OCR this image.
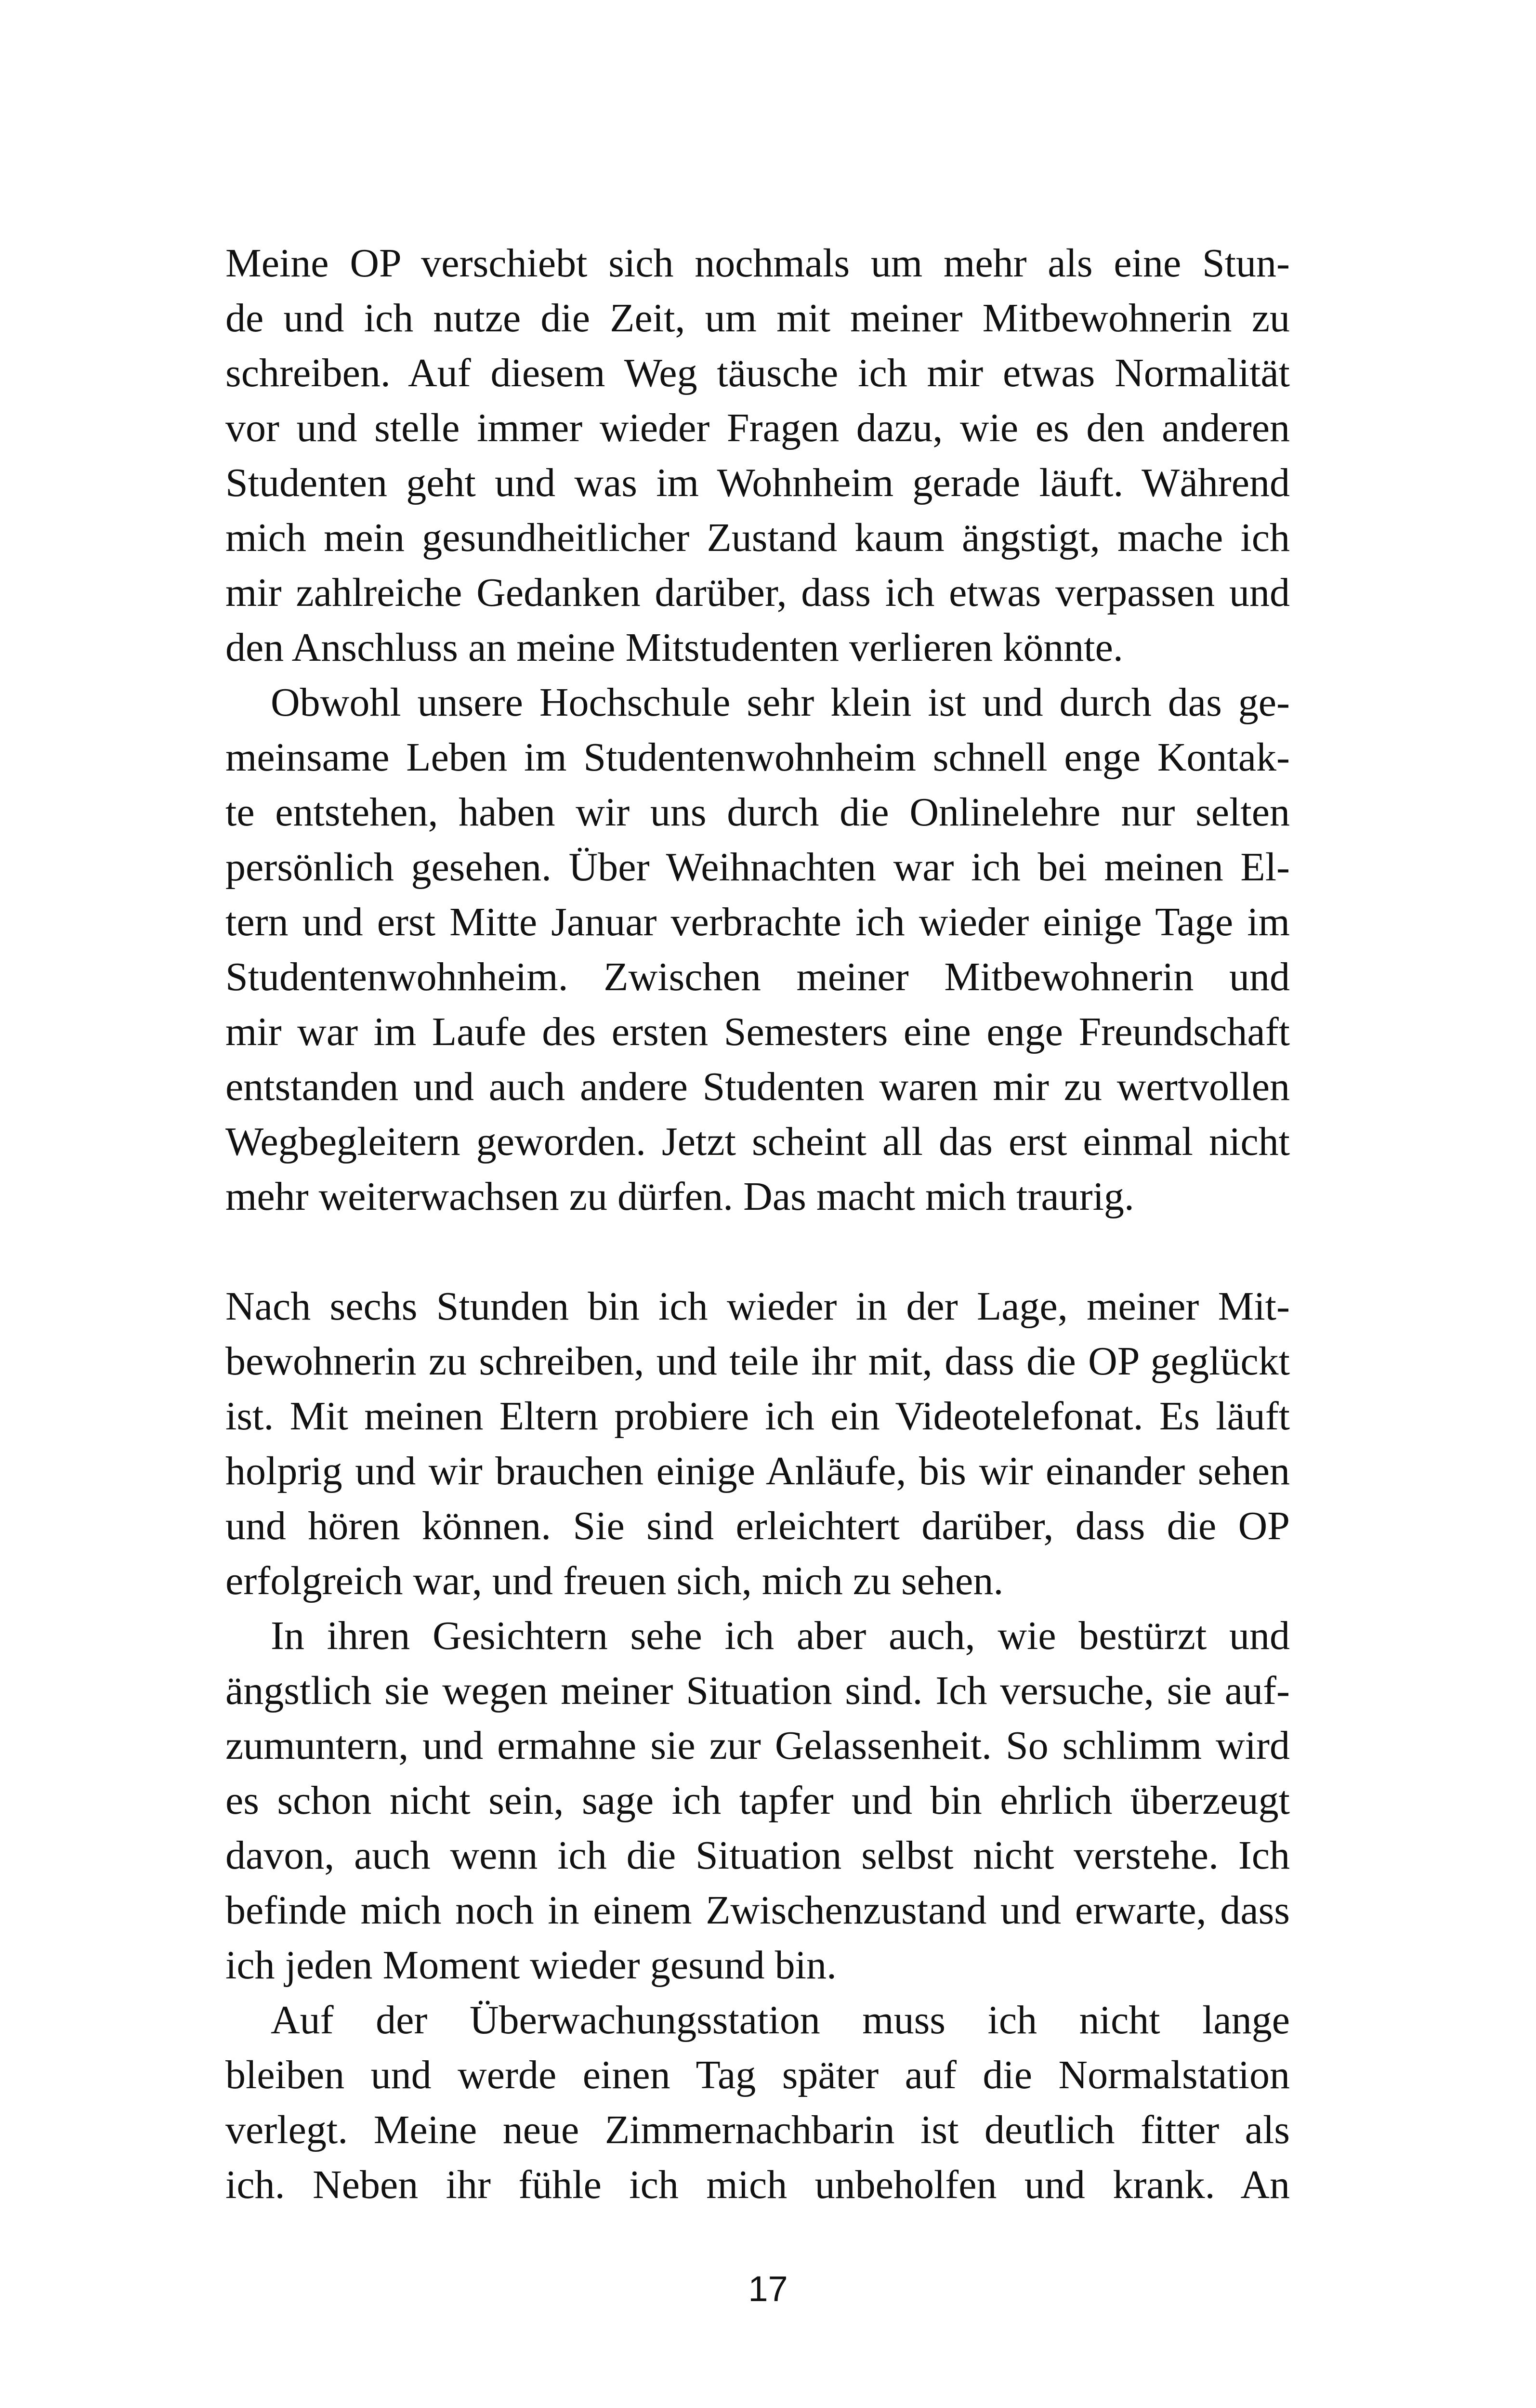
Meine OP verschiebt sich nochmals um mehr als eine Stun-
de und ich nutze die Zeit, um mit meiner Mitbewohnerin zu
schreiben. Auf diesem Weg täusche ich mir etwas Normalität
vor und stelle immer wieder Fragen dazu, wie es den anderen
Studenten geht und was im Wohnheim gerade läuft. Während
mich mein gesundheitlicher Zustand kaum ängstigt, mache ich
mir zahlreiche Gedanken darüber, dass ich etwas verpassen und
den Anschluss an meine Mitstudenten verlieren könnte.
Obwohl unsere Hochschule sehr klein ist und durch das ge-
meinsame Leben im Studentenwohnheim schnell enge Kontak-
te entstehen, haben wir uns durch die Onlinelehre nur selten
persönlich gesehen. Über Weihnachten war ich bei meinen El-
tern und erst Mitte Januar verbrachte ich wieder einige Tage im
Studentenwohnheim. Zwischen meiner Mitbewohnerin und
mir war im Laufe des ersten Semesters eine enge Freundschaft
entstanden und auch andere Studenten waren mir zu wertvollen
Wegbegleitern geworden. Jetzt scheint all das erst einmal nicht
mehr weiterwachsen zu dürfen. Das macht mich traurig.
Nach sechs Stunden bin ich wieder in der Lage, meiner Mit-
bewohnerin zu schreiben, und teile ihr mit, dass die OP geglückt
ist. Mit meinen Eltern probiere ich ein Videotelefonat. Es läuft
holprig und wir brauchen einige Anläufe, bis wir einander sehen
und hören können. Sie sind erleichtert darüber, dass die OP
erfolgreich war, und freuen sich, mich zu sehen.
In ihren Gesichtern sehe ich aber auch, wie bestürzt und
ängstlich sie wegen meiner Situation sind. Ich versuche, sie auf-
zumuntern, und ermahne sie zur Gelassenheit. So schlimm wird
es schon nicht sein, sage ich tapfer und bin ehrlich überzeugt
davon, auch wenn ich die Situation selbst nicht verstehe. Ich
befinde mich noch in einem Zwischenzustand und erwarte, dass
ich jeden Moment wieder gesund bin.
Auf der Überwachungsstation muss ich nicht lange
bleiben und werde einen Tag später auf die Normalstation
verlegt. Meine neue Zimmernachbarin ist deutlich fitter als
ich. Neben ihr fühle ich mich unbeholfen und krank. An
17
